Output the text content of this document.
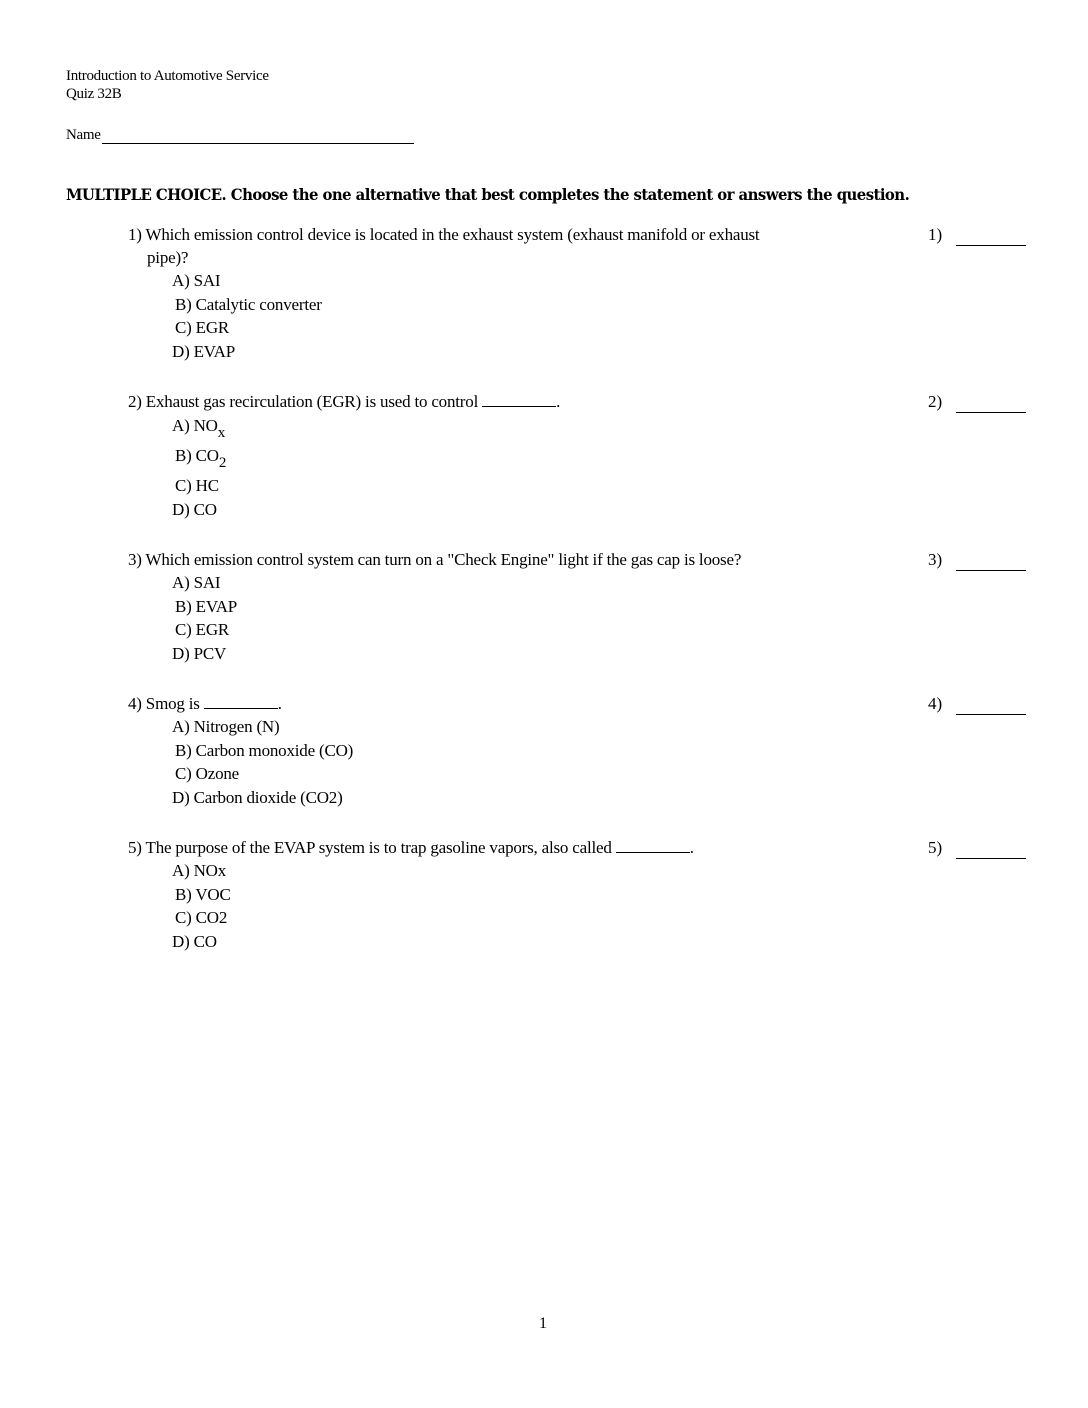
Introduction to Automotive Service
Quiz 32B
Name
MULTIPLE CHOICE. Choose the one alternative that best completes the statement or answers the question.
1) Which emission control device is located in the exhaust system (exhaust manifold or exhaust
pipe)?
A) SAI
B) Catalytic converter
C) EGR
D) EVAP
1)
2) Exhaust gas recirculation (EGR) is used to control	.
A) $NO_x$
B) $CO_2$
C) HC
D) CO
2)
3) Which emission control system can turn on a "Check Engine" light if the gas cap is loose?
A) SAI
B) EVAP
C) EGR
D) PCV
3)
4) Smog is	.
A) Nitrogen (N)
B) Carbon monoxide (CO)
C) Ozone
D) Carbon dioxide (CO2)
4)
5) The purpose of the EVAP system is to trap gasoline vapors, also called	.
A) NOx
B) VOC
C) CO2
D) CO
5)
1
